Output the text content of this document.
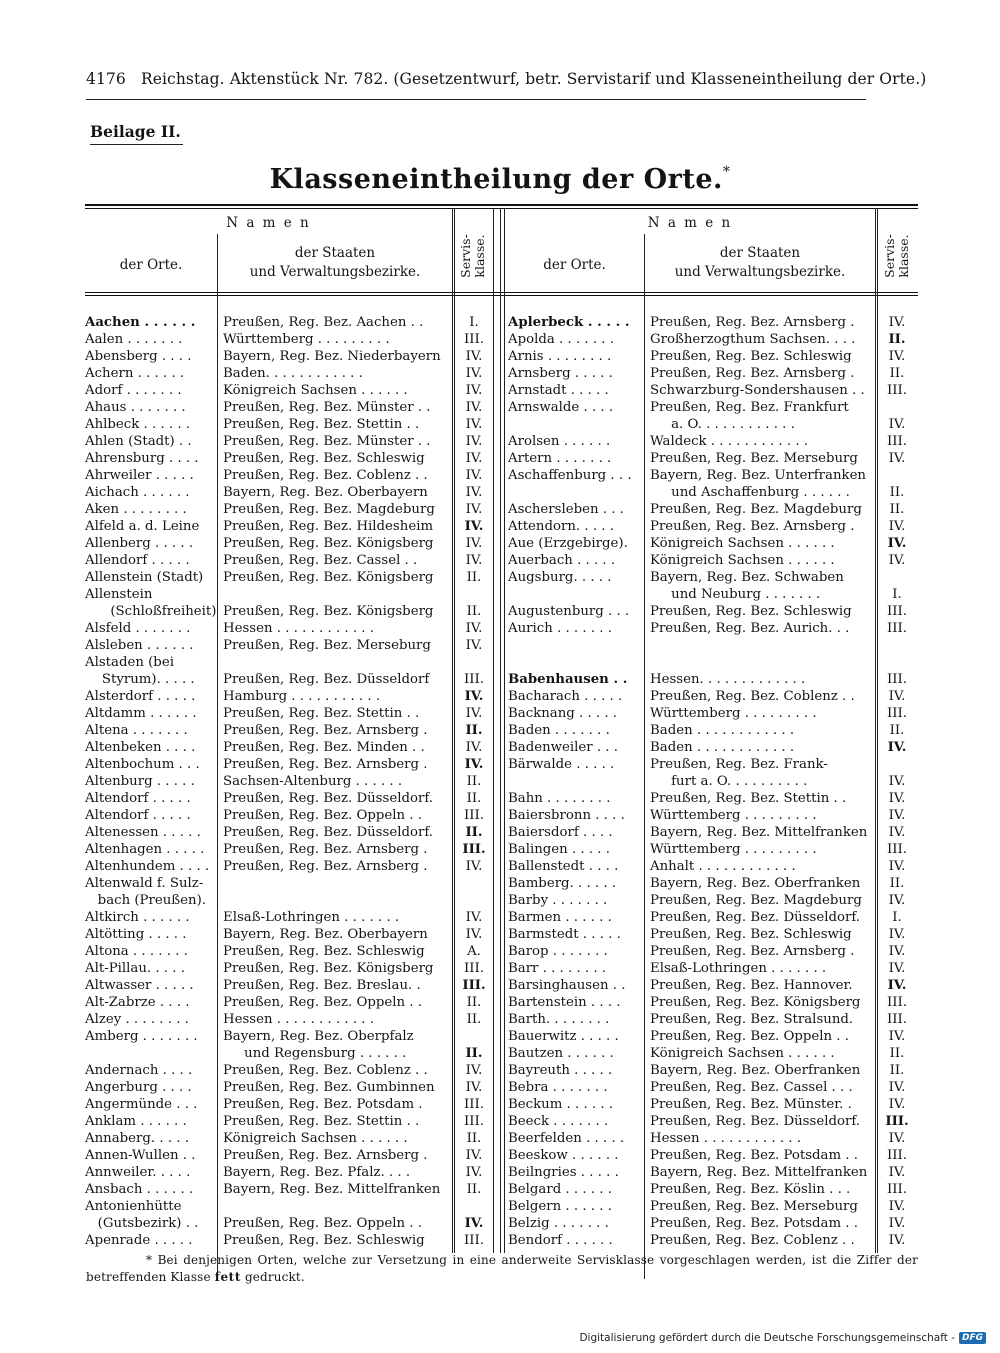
4176 Reichstag. Aktenstück Nr. 782. (Gesetzentwurf, betr. Servistarif und Klasseneintheilung der Orte.)
Beilage II.
Klasseneintheilung der Orte.*
N a m e n
der Orte.
der Staaten
und Verwaltungsbezirke.	Servis-
klasse.
N a m e n
der Orte.
der Staaten
und Verwaltungsbezirke.	Servis-
klasse.
Aachen . . . . . .	Preußen, Reg. Bez. Aachen . .	I.
Aalen . . . . . . .	Württemberg . . . . . . . . .	III.
Abensberg . . . .	Bayern, Reg. Bez. Niederbayern	IV.
Achern . . . . . .	Baden. . . . . . . . . . . .	IV.
Adorf . . . . . . .	Königreich Sachsen . . . . . .	IV.
Ahaus . . . . . . .	Preußen, Reg. Bez. Münster . .	IV.
Ahlbeck . . . . . .	Preußen, Reg. Bez. Stettin . .	IV.
Ahlen (Stadt) . .	Preußen, Reg. Bez. Münster . .	IV.
Ahrensburg . . . .	Preußen, Reg. Bez. Schleswig	IV.
Ahrweiler . . . . .	Preußen, Reg. Bez. Coblenz . .	IV.
Aichach . . . . . .	Bayern, Reg. Bez. Oberbayern	IV.
Aken . . . . . . . .	Preußen, Reg. Bez. Magdeburg	IV.
Alfeld a. d. Leine	Preußen, Reg. Bez. Hildesheim	IV.
Allenberg . . . . .	Preußen, Reg. Bez. Königsberg	IV.
Allendorf . . . . .	Preußen, Reg. Bez. Cassel . .	IV.
Allenstein (Stadt)	Preußen, Reg. Bez. Königsberg	II.
Allenstein
(Schloßfreiheit) Preußen, Reg. Bez. Königsberg	II.
Alsfeld . . . . . . .	Hessen . . . . . . . . . . . .	IV.
Alsleben . . . . . .	Preußen, Reg. Bez. Merseburg	IV.
Alstaden (bei
Styrum). . . . .	Preußen, Reg. Bez. Düsseldorf	III.
Alsterdorf . . . . .	Hamburg . . . . . . . . . . .	IV.
Altdamm . . . . . .	Preußen, Reg. Bez. Stettin . .	IV.
Altena . . . . . . .	Preußen, Reg. Bez. Arnsberg .	II.
Altenbeken . . . .	Preußen, Reg. Bez. Minden . .	IV.
Altenbochum . . .	Preußen, Reg. Bez. Arnsberg .	IV.
Altenburg . . . . .	Sachsen-Altenburg . . . . . .	II.
Altendorf . . . . .	Preußen, Reg. Bez. Düsseldorf.	II.
Altendorf . . . . .	Preußen, Reg. Bez. Oppeln . .	III.
Altenessen . . . . .	Preußen, Reg. Bez. Düsseldorf.	II.
Altenhagen . . . . .	Preußen, Reg. Bez. Arnsberg .	III.
Altenhundem . . . .	Preußen, Reg. Bez. Arnsberg .	IV.
Altenwald f. Sulz-
bach (Preußen).
Altkirch . . . . . .	Elsaß-Lothringen . . . . . . .	IV.
Altötting . . . . .	Bayern, Reg. Bez. Oberbayern	IV.
Altona . . . . . . .	Preußen, Reg. Bez. Schleswig	A.
Alt-Pillau. . . . .	Preußen, Reg. Bez. Königsberg	III.
Altwasser . . . . .	Preußen, Reg. Bez. Breslau. .	III.
Alt-Zabrze . . . .	Preußen, Reg. Bez. Oppeln . .	II.
Alzey . . . . . . . .	Hessen . . . . . . . . . . . .	II.
Amberg . . . . . . .	Bayern, Reg. Bez. Oberpfalz
und Regensburg . . . . . .	II.
Andernach . . . .	Preußen, Reg. Bez. Coblenz . .	IV.
Angerburg . . . .	Preußen, Reg. Bez. Gumbinnen	IV.
Angermünde . . .	Preußen, Reg. Bez. Potsdam .	III.
Anklam . . . . . .	Preußen, Reg. Bez. Stettin . .	III.
Annaberg. . . . .	Königreich Sachsen . . . . . .	II.
Annen-Wullen . .	Preußen, Reg. Bez. Arnsberg .	IV.
Annweiler. . . . .	Bayern, Reg. Bez. Pfalz. . . .	IV.
Ansbach . . . . . .	Bayern, Reg. Bez. Mittelfranken	II.
Antonienhütte
(Gutsbezirk) . .	Preußen, Reg. Bez. Oppeln . .	IV.
Apenrade . . . . .	Preußen, Reg. Bez. Schleswig	III.
Aplerbeck . . . . .	Preußen, Reg. Bez. Arnsberg .	IV.
Apolda . . . . . . .	Großherzogthum Sachsen. . . .	II.
Arnis . . . . . . . .	Preußen, Reg. Bez. Schleswig	IV.
Arnsberg . . . . .	Preußen, Reg. Bez. Arnsberg .	II.
Arnstadt . . . . .	Schwarzburg-Sondershausen . .	III.
Arnswalde . . . .	Preußen, Reg. Bez. Frankfurt
a. O. . . . . . . . . . . .	IV.
Arolsen . . . . . .	Waldeck . . . . . . . . . . . .	III.
Artern . . . . . . .	Preußen, Reg. Bez. Merseburg	IV.
Aschaffenburg . . .	Bayern, Reg. Bez. Unterfranken
und Aschaffenburg . . . . . .	II.
Aschersleben . . .	Preußen, Reg. Bez. Magdeburg	II.
Attendorn. . . . .	Preußen, Reg. Bez. Arnsberg .	IV.
Aue (Erzgebirge).	Königreich Sachsen . . . . . .	IV.
Auerbach . . . . .	Königreich Sachsen . . . . . .	IV.
Augsburg. . . . .	Bayern, Reg. Bez. Schwaben
und Neuburg . . . . . . .	I.
Augustenburg . . .	Preußen, Reg. Bez. Schleswig	III.
Aurich . . . . . . .	Preußen, Reg. Bez. Aurich. . .	III.
Babenhausen . .	Hessen. . . . . . . . . . . . .	III.
Bacharach . . . . .	Preußen, Reg. Bez. Coblenz . .	IV.
Backnang . . . . .	Württemberg . . . . . . . . .	III.
Baden . . . . . . .	Baden . . . . . . . . . . . .	II.
Badenweiler . . .	Baden . . . . . . . . . . . .	IV.
Bärwalde . . . . .	Preußen, Reg. Bez. Frank-
furt a. O. . . . . . . . . .	IV.
Bahn . . . . . . . .	Preußen, Reg. Bez. Stettin . .	IV.
Baiersbronn . . . .	Württemberg . . . . . . . . .	IV.
Baiersdorf . . . .	Bayern, Reg. Bez. Mittelfranken	IV.
Balingen . . . . .	Württemberg . . . . . . . . .	III.
Ballenstedt . . . .	Anhalt . . . . . . . . . . . .	IV.
Bamberg. . . . . .	Bayern, Reg. Bez. Oberfranken	II.
Barby . . . . . . .	Preußen, Reg. Bez. Magdeburg	IV.
Barmen . . . . . .	Preußen, Reg. Bez. Düsseldorf.	I.
Barmstedt . . . . .	Preußen, Reg. Bez. Schleswig	IV.
Barop . . . . . . .	Preußen, Reg. Bez. Arnsberg .	IV.
Barr . . . . . . . .	Elsaß-Lothringen . . . . . . .	IV.
Barsinghausen . .	Preußen, Reg. Bez. Hannover.	IV.
Bartenstein . . . .	Preußen, Reg. Bez. Königsberg	III.
Barth. . . . . . . .	Preußen, Reg. Bez. Stralsund.	III.
Bauerwitz . . . . .	Preußen, Reg. Bez. Oppeln . .	IV.
Bautzen . . . . . .	Königreich Sachsen . . . . . .	II.
Bayreuth . . . . .	Bayern, Reg. Bez. Oberfranken	II.
Bebra . . . . . . .	Preußen, Reg. Bez. Cassel . . .	IV.
Beckum . . . . . .	Preußen, Reg. Bez. Münster. .	IV.
Beeck . . . . . . .	Preußen, Reg. Bez. Düsseldorf.	III.
Beerfelden . . . . .	Hessen . . . . . . . . . . . .	IV.
Beeskow . . . . . .	Preußen, Reg. Bez. Potsdam . .	III.
Beilngries . . . . .	Bayern, Reg. Bez. Mittelfranken	IV.
Belgard . . . . . .	Preußen, Reg. Bez. Köslin . . .	III.
Belgern . . . . . .	Preußen, Reg. Bez. Merseburg	IV.
Belzig . . . . . . .	Preußen, Reg. Bez. Potsdam . .	IV.
Bendorf . . . . . .	Preußen, Reg. Bez. Coblenz . .	IV.
* Bei denjenigen Orten, welche zur Versetzung in eine anderweite Servisklasse vorgeschlagen werden, ist die Ziffer der betreffenden Klasse fett gedruckt.
Digitalisierung gefördert durch die Deutsche Forschungsgemeinschaft - DFG
